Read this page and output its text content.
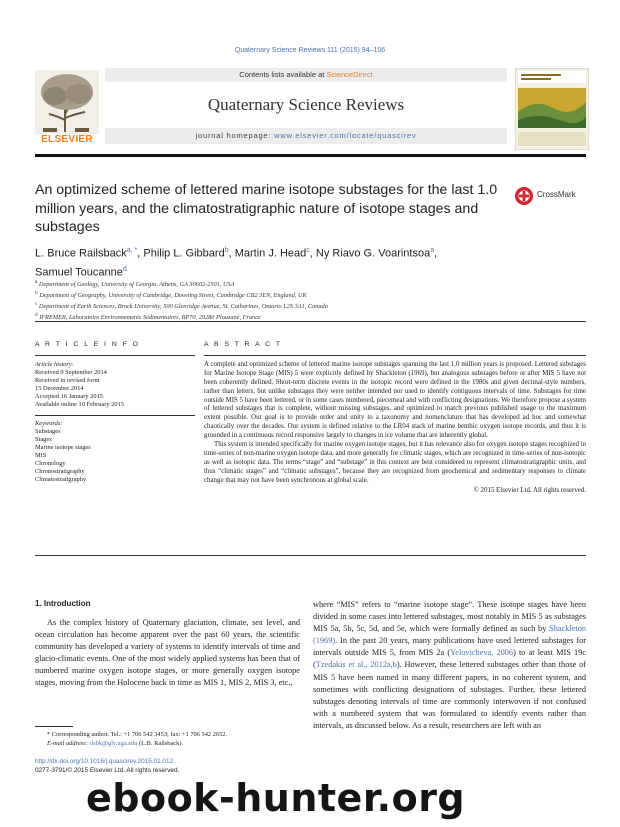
Quaternary Science Reviews 111 (2015) 94–106
ELSEVIER
Contents lists available at ScienceDirect
Quaternary Science Reviews
journal homepage: www.elsevier.com/locate/quascirev
An optimized scheme of lettered marine isotope substages for the last 1.0 million years, and the climatostratigraphic nature of isotope stages and substages
CrossMark
L. Bruce Railsback$^{a, *}$, Philip L. Gibbard$^b$, Martin J. Head$^c$, Ny Riavo G. Voarintsoa$^a$,
Samuel Toucanne$^d$
$^a$ Department of Geology, University of Georgia, Athens, GA 30602-2501, USA
$^b$ Department of Geography, University of Cambridge, Downing Street, Cambridge CB2 3EN, England, UK
$^c$ Department of Earth Sciences, Brock University, 500 Glenridge Avenue, St. Catharines, Ontario L2S 3A1, Canada
$^d$ IFREMER, Laboratoire Environnements Sédimentaires, BP70, 29280 Plouzané, France
A R T I C L E I N F O
Article history:
Received 9 September 2014
Received in revised form
15 December 2014
Accepted 16 January 2015
Available online 10 February 2015
Keywords:
Substages
Stages
Marine isotope stages
MIS
Chronology
Chronostratigraphy
Climatostratigraphy
A B S T R A C T

A complete and optimized scheme of lettered marine isotope substages spanning the last 1.0 million years is proposed. Lettered substages for Marine Isotope Stage (MIS) 5 were explicitly defined by Shackleton (1969), but analogous substages before or after MIS 5 have not been coherently defined. Short-term discrete events in the isotopic record were defined in the 1980s and given decimal-style numbers, rather than letters, but unlike substages they were neither intended nor used to identify contiguous intervals of time. Substages for time outside MIS 5 have been lettered, or in some cases numbered, piecemeal and with conflicting designations. We therefore propose a system of lettered substages that is complete, without missing substages, and optimized to match previous published usage to the maximum extent possible. Our goal is to provide order and unity to a taxonomy and nomenclature that has developed ad hoc and somewhat chaotically over the decades. Our system is defined relative to the LR04 stack of marine benthic oxygen isotope records, and thus it is grounded in a continuous record responsive largely to changes in ice volume that are inherently global.

This system is intended specifically for marine oxygen isotope stages, but it has relevance also for oxygen isotope stages recognized in time-series of non-marine oxygen isotope data, and more generally for climatic stages, which are recognized in time-series of non-isotopic as well as isotopic data. The terms “stage” and “substage” in this context are best considered to represent climatostratigraphic units, and thus “climatic stages” and “climatic substages”, because they are recognized from geochemical and sedimentary responses to climate change that may not have been synchronous at global scale.

© 2015 Elsevier Ltd. All rights reserved.
1. Introduction
As the complex history of Quaternary glaciation, climate, sea level, and ocean circulation has become apparent over the past 60 years, the scientific community has developed a variety of systems to identify intervals of time and glacio-climatic events. One of the most widely applied systems has been that of numbered marine oxygen isotope stages, or more generally oxygen isotope stages, moving from the Holocene back in time as MIS 1, MIS 2, MIS 3, etc.,
where “MIS” refers to “marine isotope stage”. These isotope stages have been divided in some cases into lettered substages, most notably in MIS 5 as substages MIS 5a, 5b, 5c, 5d, and 5e, which were formally defined as such by Shackleton (1969). In the past 20 years, many publications have used lettered substages for intervals outside MIS 5, from MIS 2a (Yelovicheva, 2006) to at least MIS 19c (Tzedakis et al., 2012a,b). However, these lettered substages other than those of MIS 5 have been named in many different papers, in no coherent system, and sometimes with conflicting designations of substages. Further, these lettered substages denoting intervals of time are commonly interwoven if not confused with a numbered system that was formulated to identify events rather than intervals, as discussed below. As a result, researchers are left with an
* Corresponding author. Tel.: +1 706 542 3453; fax: +1 706 542 2652.
E-mail address: rlsbk@gly.uga.edu (L.B. Railsback).
http://dx.doi.org/10.1016/j.quascirev.2015.01.012
0277-3791/© 2015 Elsevier Ltd. All rights reserved.
ebook-hunter.org
